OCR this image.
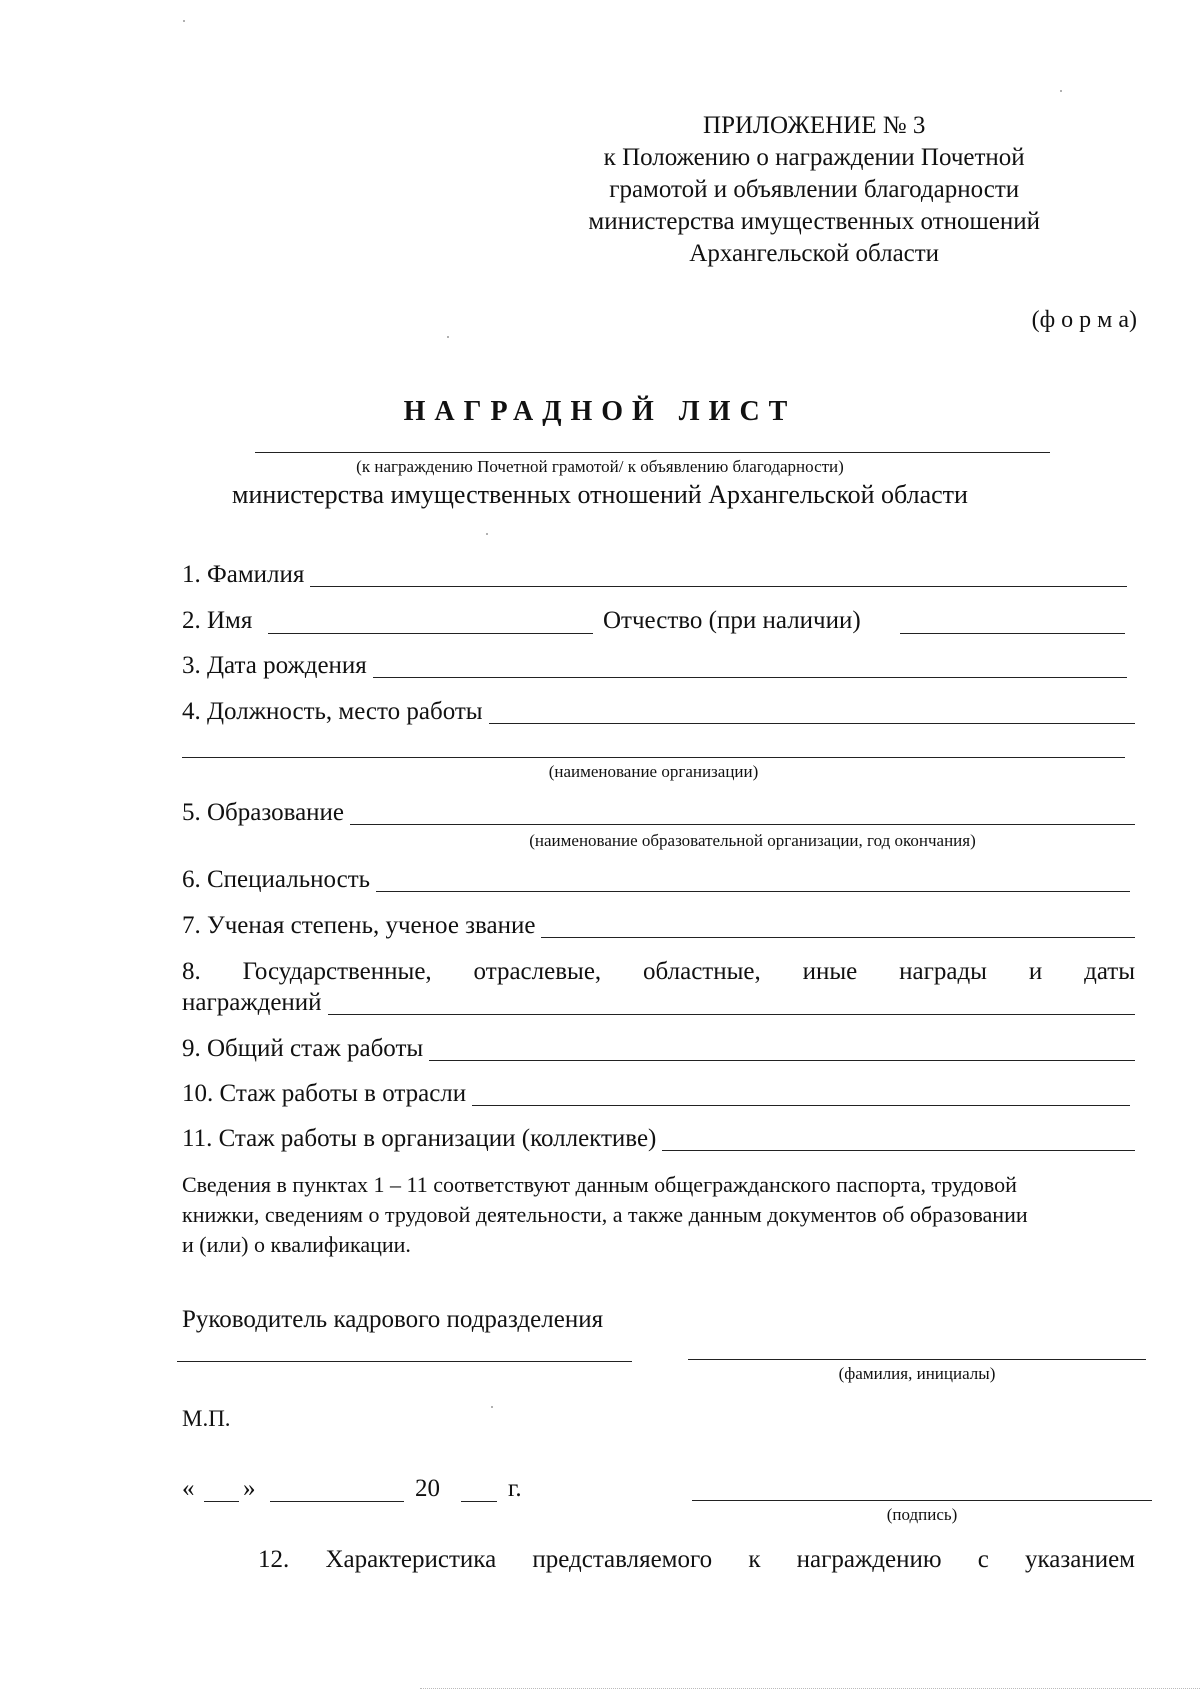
ПРИЛОЖЕНИЕ № 3
к Положению о награждении Почетной
грамотой и объявлении благодарности
министерства имущественных отношений
Архангельской области
(ф о р м а)
НАГРАДНОЙ ЛИСТ
(к награждению Почетной грамотой/ к объявлению благодарности)
министерства имущественных отношений Архангельской области
1. Фамилия
2. Имя	Отчество (при наличии)
3. Дата рождения
4. Должность, место работы
(наименование организации)
5. Образование
(наименование образовательной организации, год окончания)
6. Специальность
7. Ученая степень, ученое звание
8. Государственные, отраслевые, областные, иные награды и даты
награждений
9. Общий стаж работы
10. Стаж работы в отрасли
11. Стаж работы в организации (коллективе)
Сведения в пунктах 1 – 11 соответствуют данным общегражданского паспорта, трудовой
книжки, сведениям о трудовой деятельности, а также данным документов об образовании
и (или) о квалификации.
Руководитель кадрового подразделения
(фамилия, инициалы)
М.П.
« »	20	г.
(подпись)
12. Характеристика представляемого к награждению с указанием
